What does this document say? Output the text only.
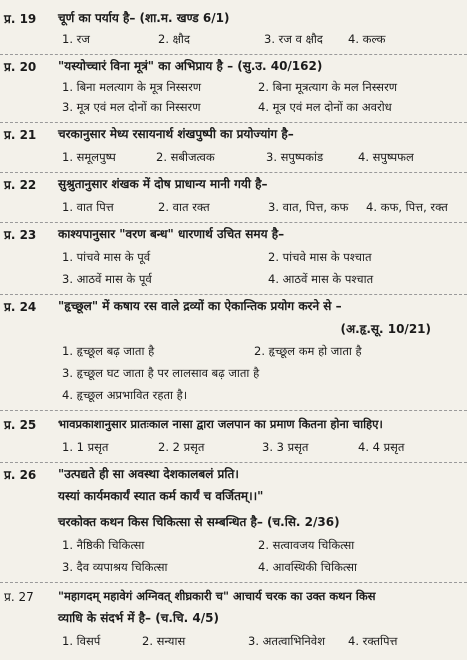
प्र. 19 चूर्ण का पर्याय है– (शा.म. खण्ड 6/1)
1. रज	2. क्षौद	3. रज व क्षौद 4. कल्क
प्र. 20 "यस्योच्चारं विना मूत्रं" का अभिप्राय है – (सु.उ. 40/162)
1. बिना मलत्याग के मूत्र निस्सरण	2. बिना मूत्रत्याग के मल निस्सरण
3. मूत्र एवं मल दोनों का निस्सरण	4. मूत्र एवं मल दोनों का अवरोध
प्र. 21 चरकानुसार मेध्य रसायनार्थ शंखपुष्पी का प्रयोज्यांग है–
1. समूलपुष्प	2. सबीजत्वक	3. सपुष्पकांड	4. सपुष्पफल
प्र. 22 सुश्रुतानुसार शंखक में दोष प्राधान्य मानी गयी है–
1. वात पित्त	2. वात रक्त	3. वात, पित्त, कफ 4. कफ, पित्त, रक्त
प्र. 23 काश्यपानुसार "वरण बन्ध" धारणार्थ उचित समय है–
1. पांचवे मास के पूर्व	2. पांचवे मास के पश्चात
3. आठवें मास के पूर्व	4. आठवें मास के पश्चात
प्र. 24 "हृच्छूल" में कषाय रस वाले द्रव्यों का ऐकान्तिक प्रयोग करने से –
(अ.हृ.सू. 10/21)
1. हृच्छूल बढ़ जाता है	2. हृच्छूल कम हो जाता है
3. हृच्छूल घट जाता है पर लालसाव बढ़ जाता है
4. हृच्छूल अप्रभावित रहता है।
प्र. 25 भावप्रकाशानुसार प्रातःकाल नासा द्वारा जलपान का प्रमाण कितना होना चाहिए।
1. 1 प्रसृत	2. 2 प्रसृत	3. 3 प्रसृत	4. 4 प्रसृत
प्र. 26 "उत्पद्यते ही सा अवस्था देशकालबलं प्रति।
यस्यां कार्यमकार्यं स्यात कर्म कार्यं च वर्जितम्।।"
चरकोक्त कथन किस चिकित्सा से सम्बन्धित है– (च.सि. 2/36)
1. नैष्ठिकी चिकित्सा	2. सत्वावजय चिकित्सा
3. दैव व्यपाश्रय चिकित्सा	4. आवस्थिकी चिकित्सा
प्र. 27 "महागदम् महावेगं अग्निवत् शीघ्रकारी च" आचार्य चरक का उक्त कथन किस
व्याधि के संदर्भ में है– (च.चि. 4/5)
1. विसर्प	2. सन्यास	3. अतत्वाभिनिवेश 4. रक्तपित्त
